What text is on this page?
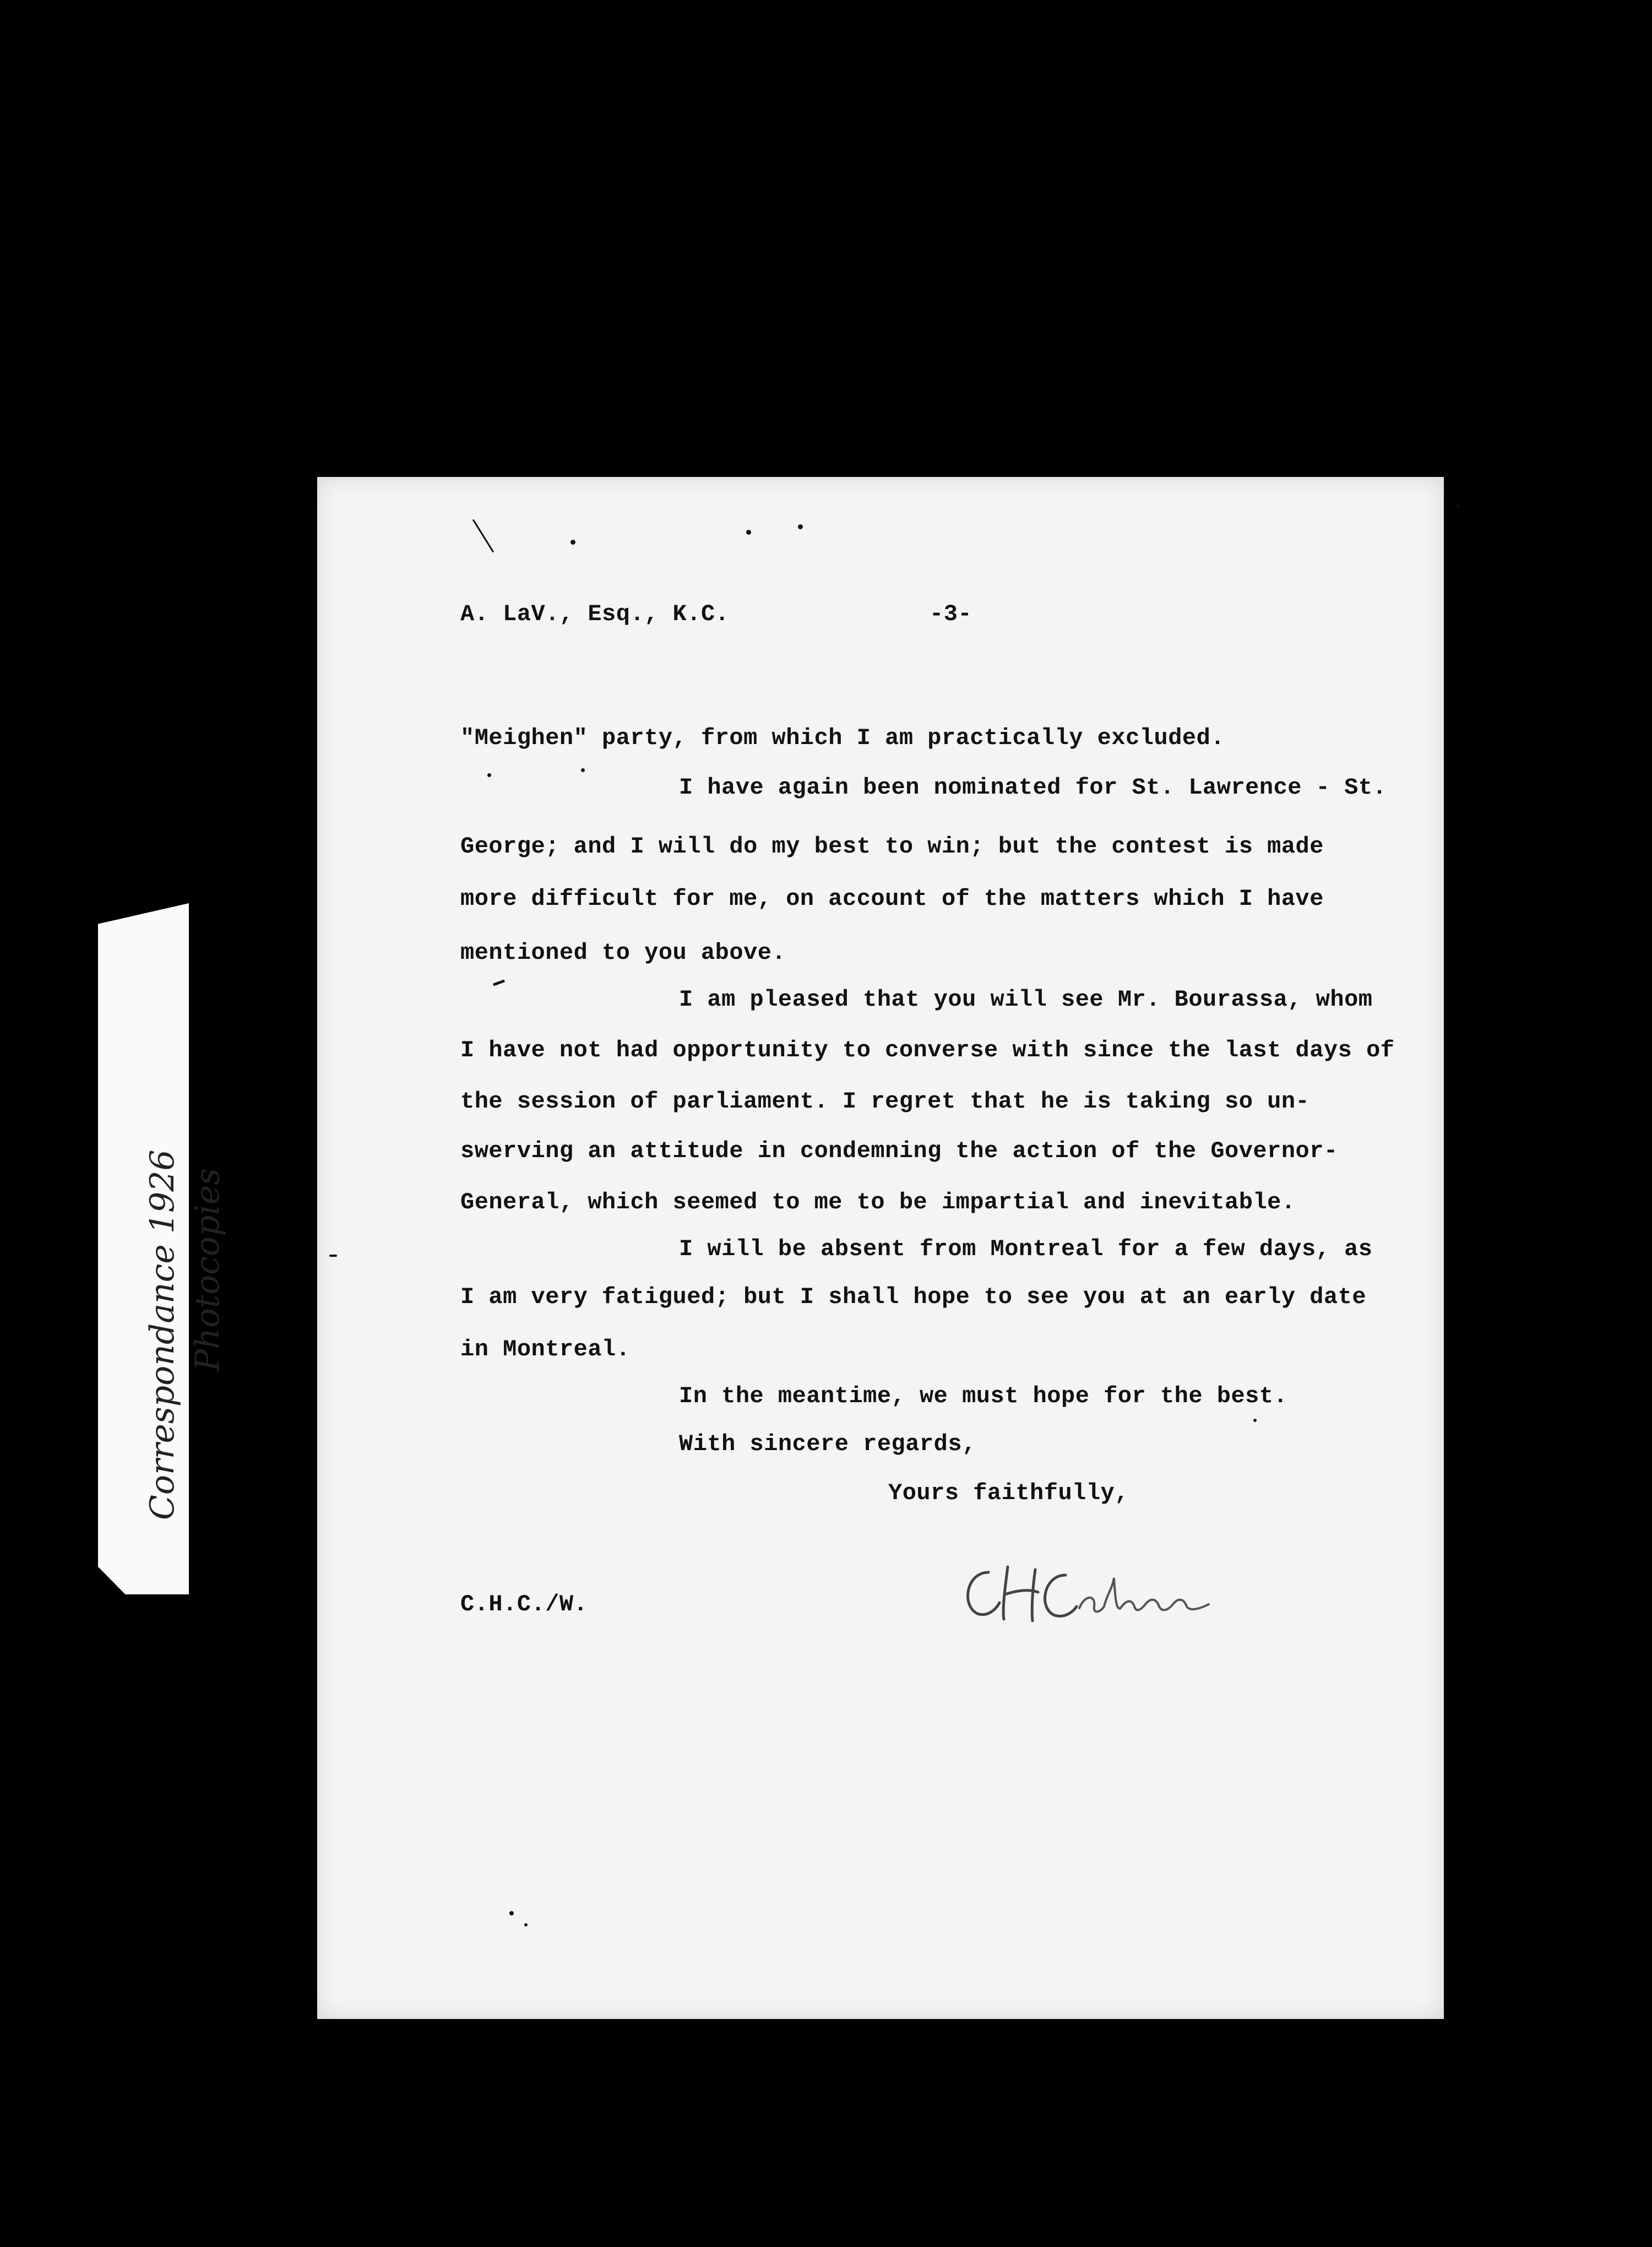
A. LaV., Esq., K.C.	-3-
"Meighen" party, from which I am practically excluded.
I have again been nominated for St. Lawrence - St.
George; and I will do my best to win; but the contest is made
more difficult for me, on account of the matters which I have
mentioned to you above.
I am pleased that you will see Mr. Bourassa, whom
I have not had opportunity to converse with since the last days of
the session of parliament. I regret that he is taking so un-
swerving an attitude in condemning the action of the Governor-
General, which seemed to me to be impartial and inevitable.
I will be absent from Montreal for a few days, as
I am very fatigued; but I shall hope to see you at an early date
in Montreal.
In the meantime, we must hope for the best.
With sincere regards,
Yours faithfully,
C.H.C./W.
Correspondance 1926 Photocopies
